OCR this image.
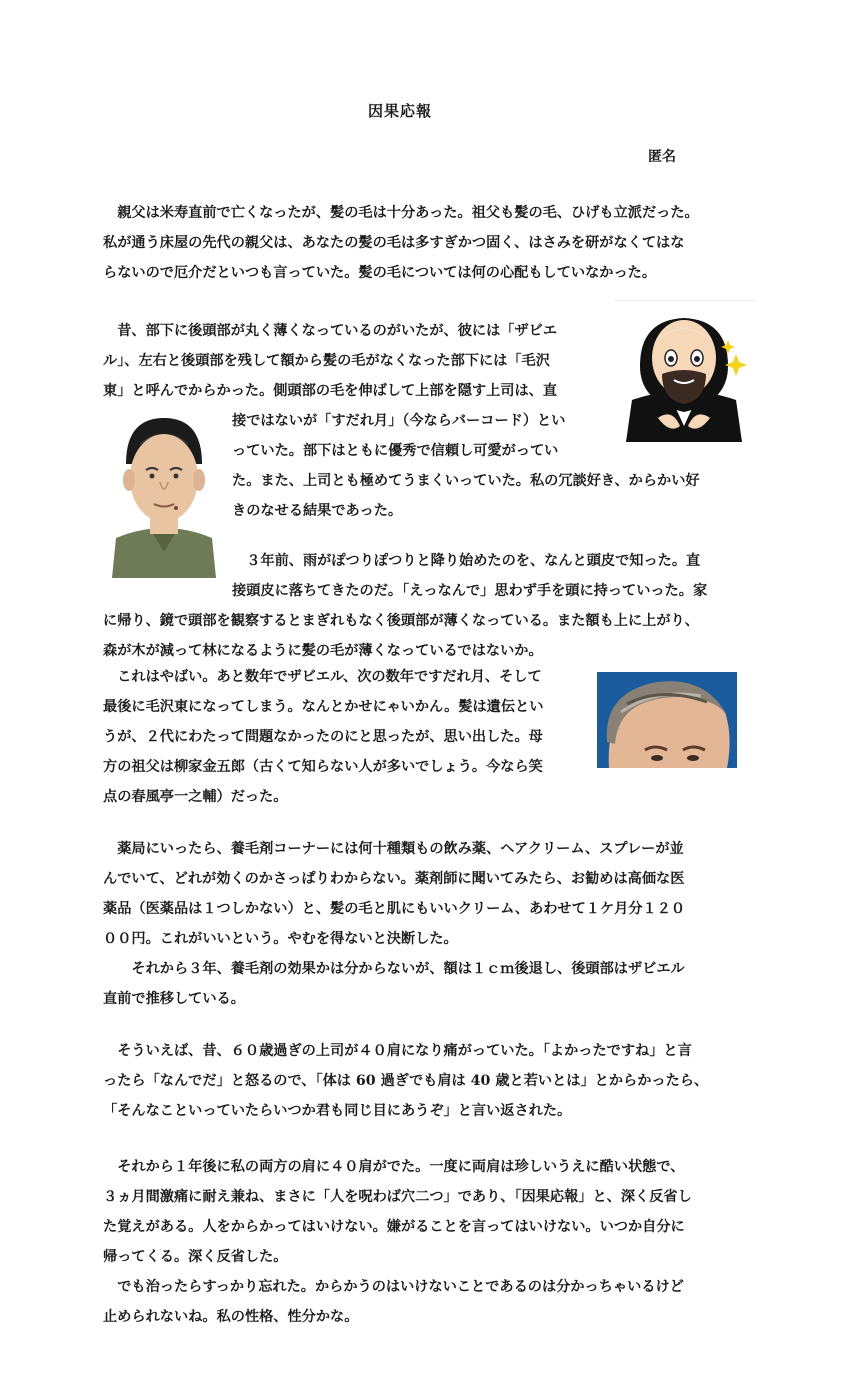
因果応報
匿名
　親父は米寿直前で亡くなったが、髪の毛は十分あった。祖父も髪の毛、ひげも立派だった。
私が通う床屋の先代の親父は、あなたの髪の毛は多すぎかつ固く、はさみを研がなくてはな
らないので厄介だといつも言っていた。髪の毛については何の心配もしていなかった。
　昔、部下に後頭部が丸く薄くなっているのがいたが、彼には「ザビエ
ル」、左右と後頭部を残して額から髪の毛がなくなった部下には「毛沢
東」と呼んでからかった。側頭部の毛を伸ばして上部を隠す上司は、直
接ではないが「すだれ月」（今ならバーコード）とい
っていた。部下はともに優秀で信頼し可愛がってい
た。また、上司とも極めてうまくいっていた。私の冗談好き、からかい好
きのなせる結果であった。
　３年前、雨がぽつりぽつりと降り始めたのを、なんと頭皮で知った。直
接頭皮に落ちてきたのだ。「えっなんで」思わず手を頭に持っていった。家
に帰り、鏡で頭部を観察するとまぎれもなく後頭部が薄くなっている。また額も上に上がり、
森が木が減って林になるように髪の毛が薄くなっているではないか。
　これはやばい。あと数年でザビエル、次の数年ですだれ月、そして
最後に毛沢東になってしまう。なんとかせにゃいかん。髪は遺伝とい
うが、２代にわたって問題なかったのにと思ったが、思い出した。母
方の祖父は柳家金五郎（古くて知らない人が多いでしょう。今なら笑
点の春風亭一之輔）だった。
　薬局にいったら、養毛剤コーナーには何十種類もの飲み薬、ヘアクリーム、スプレーが並
んでいて、どれが効くのかさっぱりわからない。薬剤師に聞いてみたら、お勧めは高価な医
薬品（医薬品は１つしかない）と、髪の毛と肌にもいいクリーム、あわせて１ケ月分１２０
００円。これがいいという。やむを得ないと決断した。
　　それから３年、養毛剤の効果かは分からないが、額は１ｃｍ後退し、後頭部はザビエル
直前で推移している。
　そういえば、昔、６０歳過ぎの上司が４０肩になり痛がっていた。「よかったですね」と言
ったら「なんでだ」と怒るので、「体は 60 過ぎでも肩は 40 歳と若いとは」とからかったら、
「そんなこといっていたらいつか君も同じ目にあうぞ」と言い返された。
　それから１年後に私の両方の肩に４０肩がでた。一度に両肩は珍しいうえに酷い状態で、
３ヵ月間激痛に耐え兼ね、まさに「人を呪わば穴二つ」であり、「因果応報」と、深く反省し
た覚えがある。人をからかってはいけない。嫌がることを言ってはいけない。いつか自分に
帰ってくる。深く反省した。
　でも治ったらすっかり忘れた。からかうのはいけないことであるのは分かっちゃいるけど
止められないね。私の性格、性分かな。
